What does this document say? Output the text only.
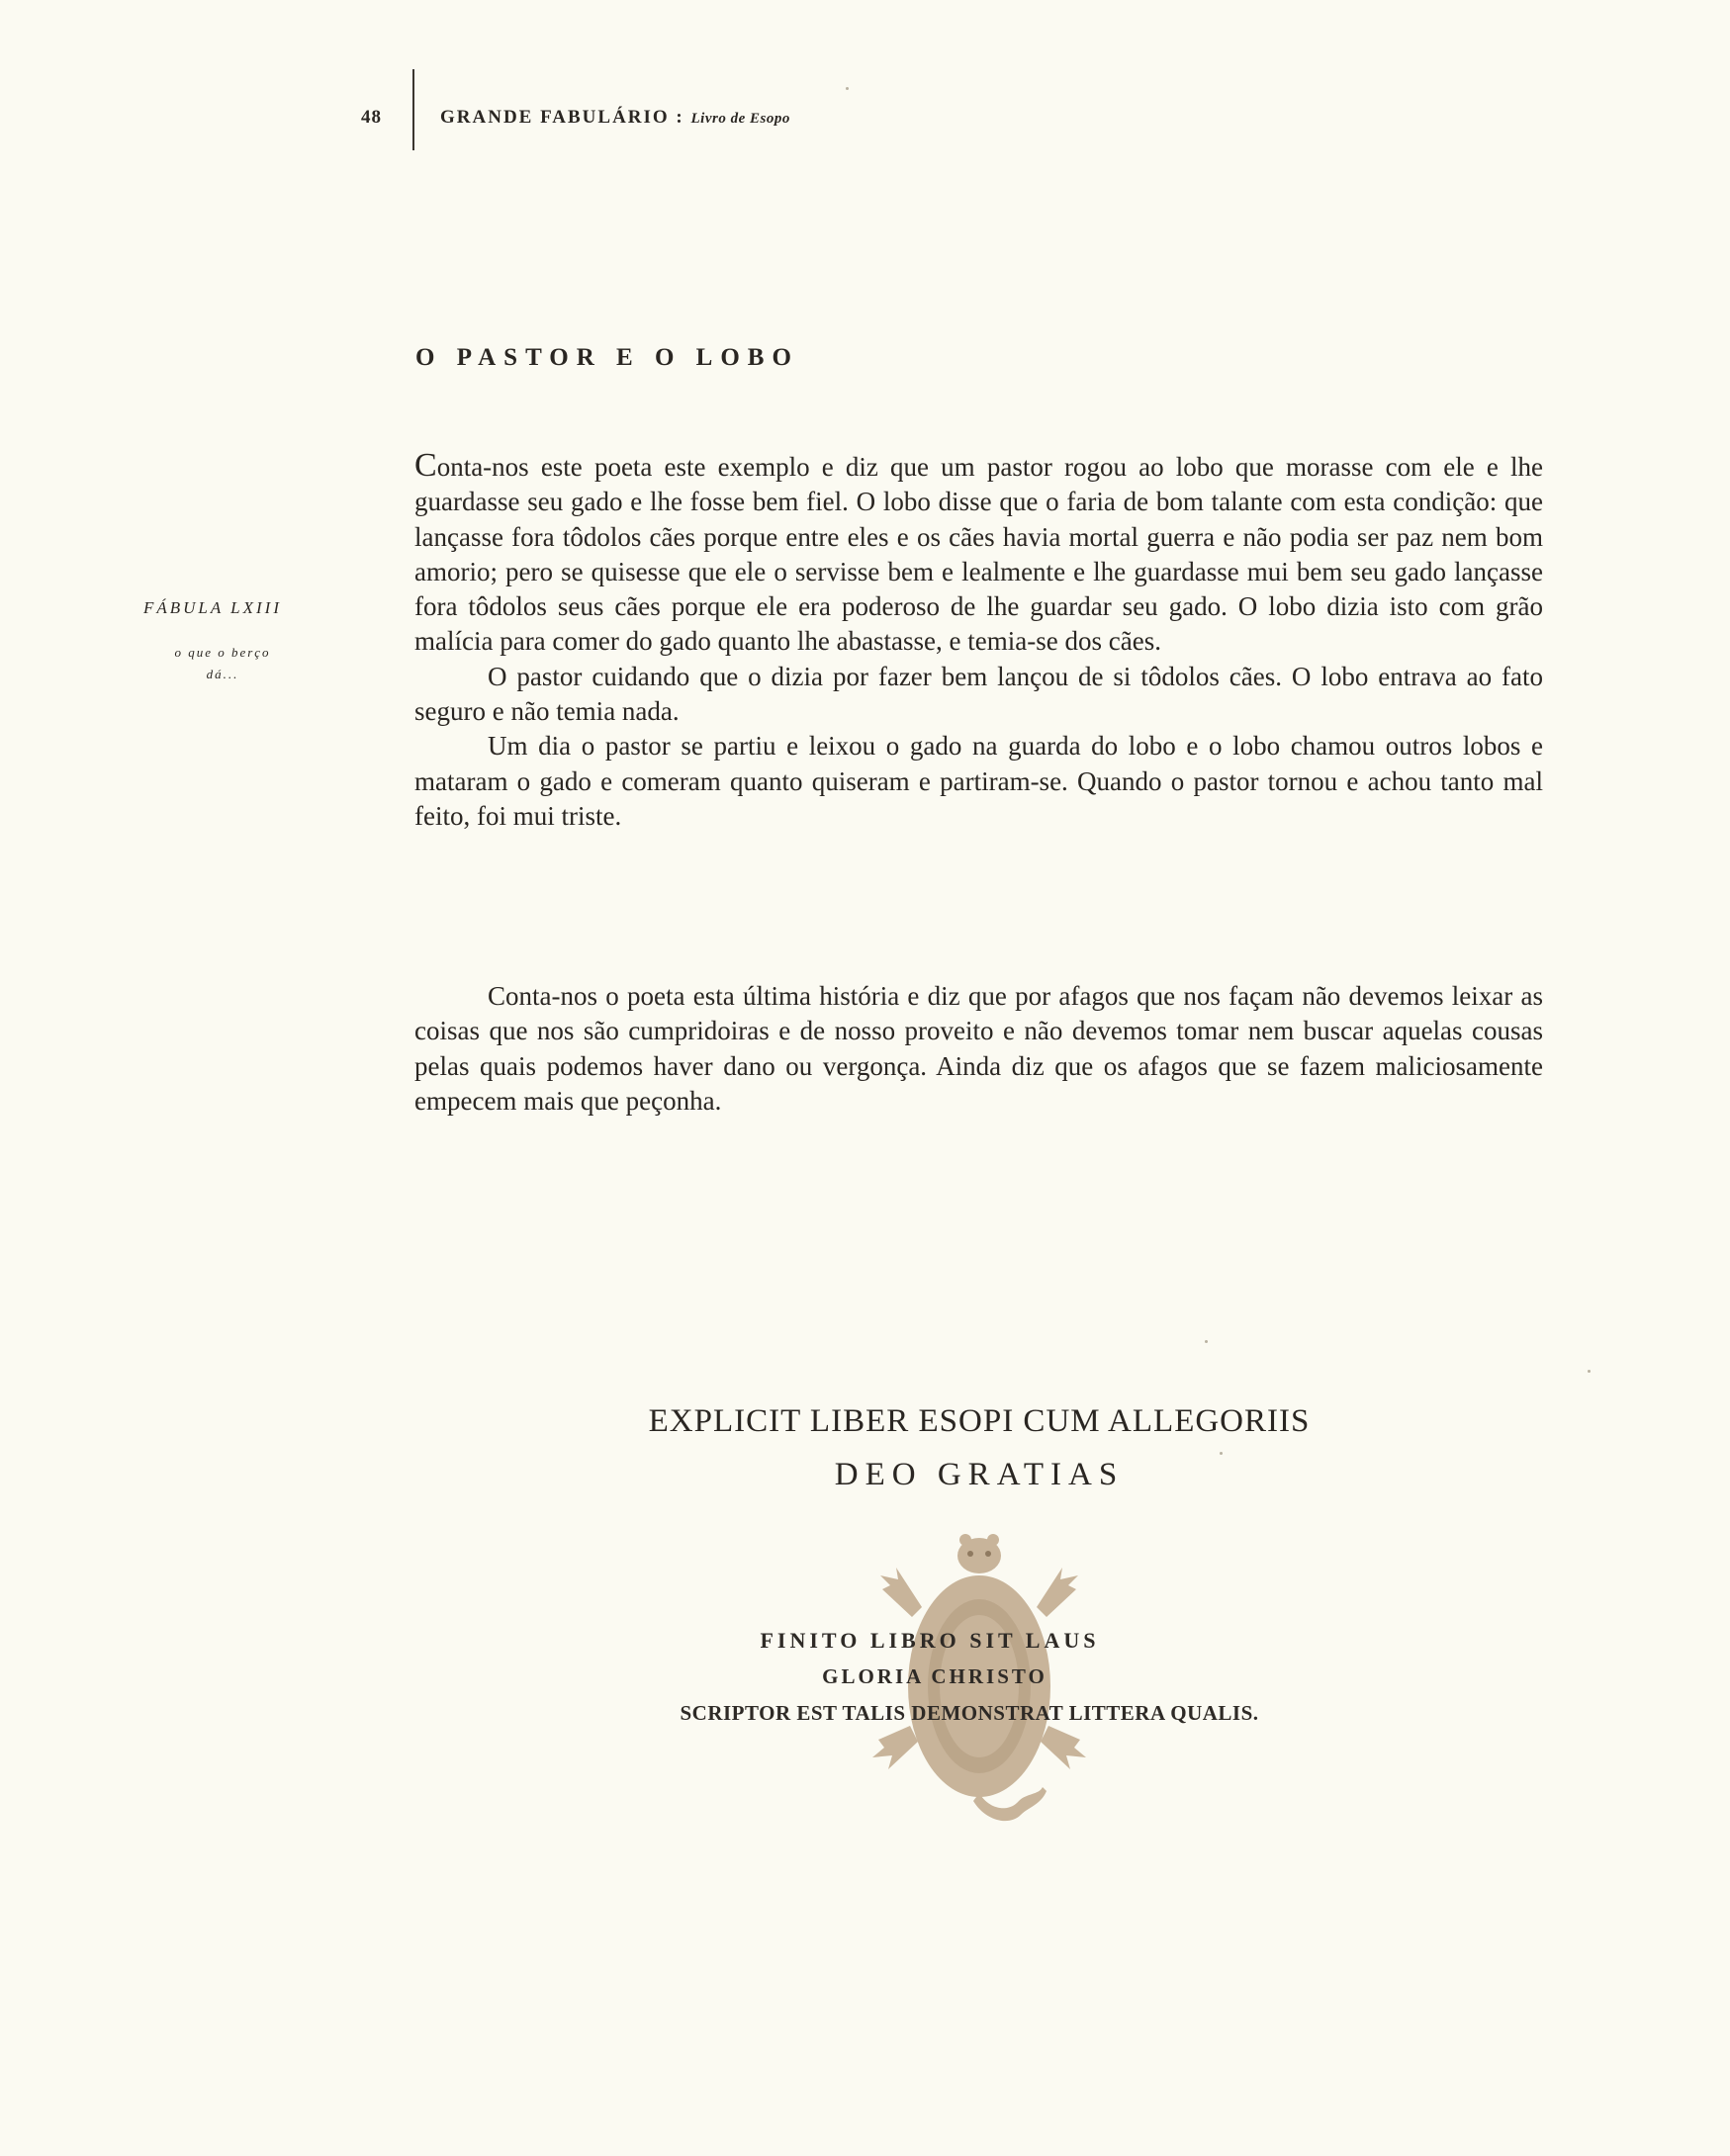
48	GRANDE FABULÁRIO : Livro de Esopo
O PASTOR E O LOBO
FÁBULA LXIII
o que o berço
dá...

Conta-nos este poeta este exemplo e diz que um pastor rogou ao lobo que morasse com ele e lhe guardasse seu gado e lhe fosse bem fiel. O lobo disse que o faria de bom talante com esta condição: que lançasse fora tôdolos cães porque entre eles e os cães havia mortal guerra e não podia ser paz nem bom amorio; pero se quisesse que ele o servisse bem e lealmente e lhe guardasse mui bem seu gado lançasse fora tôdolos seus cães porque ele era poderoso de lhe guardar seu gado. O lobo dizia isto com grão malícia para comer do gado quanto lhe abastasse, e temia-se dos cães.

O pastor cuidando que o dizia por fazer bem lançou de si tôdolos cães. O lobo entrava ao fato seguro e não temia nada.

Um dia o pastor se partiu e leixou o gado na guarda do lobo e o lobo chamou outros lobos e mataram o gado e comeram quanto quiseram e partiram-se. Quando o pastor tornou e achou tanto mal feito, foi mui triste.

Conta-nos o poeta esta última história e diz que por afagos que nos façam não devemos leixar as coisas que nos são cumpridoiras e de nosso proveito e não devemos tomar nem buscar aquelas cousas pelas quais podemos haver dano ou vergonça. Ainda diz que os afagos que se fazem maliciosamente empecem mais que peçonha.

EXPLICIT LIBER ESOPI CUM ALLEGORIIS
DEO GRATIAS
FINITO LIBRO SIT LAUS
GLORIA CHRISTO
SCRIPTOR EST TALIS DEMONSTRAT LITTERA QUALIS.
